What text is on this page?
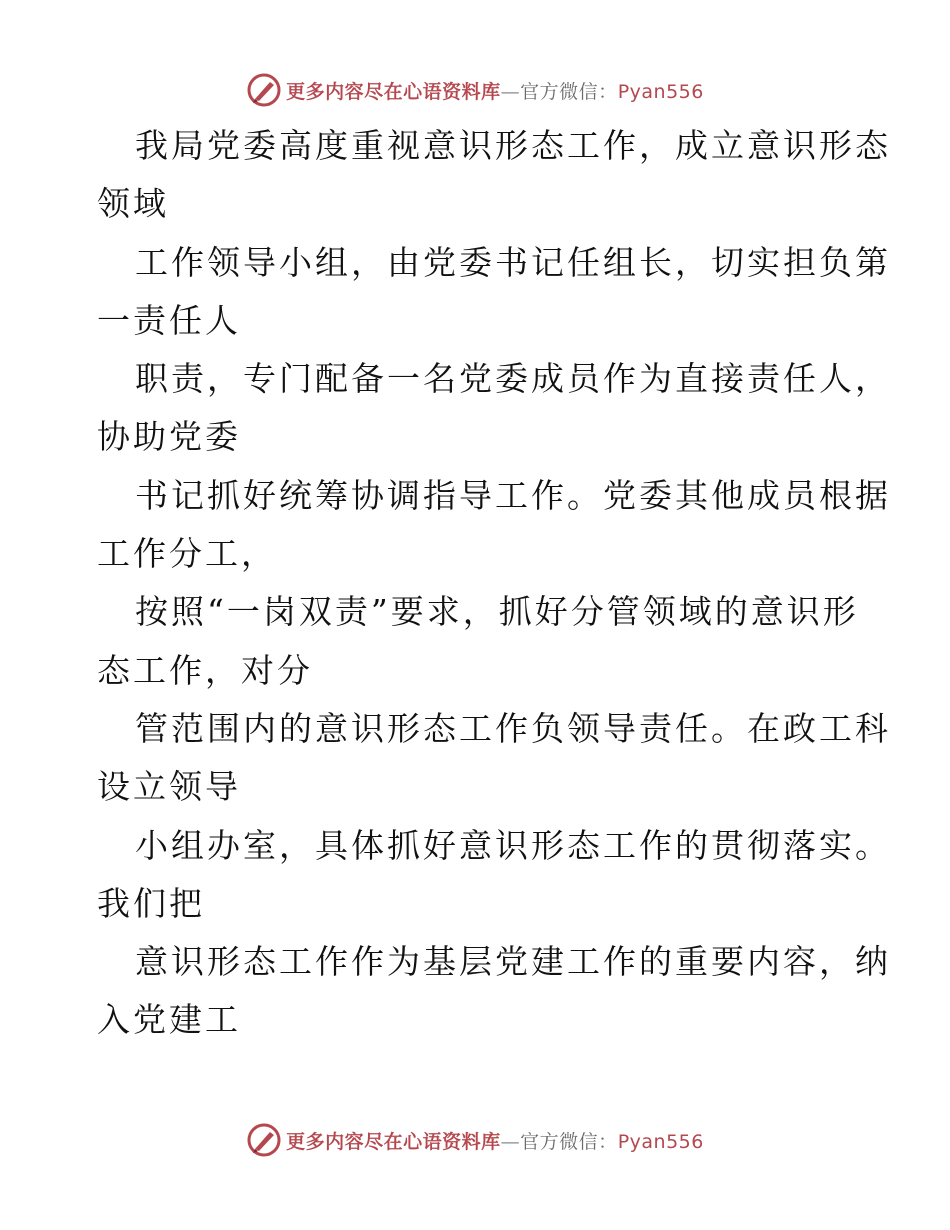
更多内容尽在心语资料库—官方微信：Pyan556
我局党委高度重视意识形态工作，成立意识形态
领域
工作领导小组，由党委书记任组长，切实担负第
一责任人
职责，专门配备一名党委成员作为直接责任人，
协助党委
书记抓好统筹协调指导工作。党委其他成员根据
工作分工，
按照“一岗双责”要求，抓好分管领域的意识形
态工作，对分
管范围内的意识形态工作负领导责任。在政工科
设立领导
小组办室，具体抓好意识形态工作的贯彻落实。
我们把
意识形态工作作为基层党建工作的重要内容，纳
入党建工
更多内容尽在心语资料库—官方微信：Pyan556
